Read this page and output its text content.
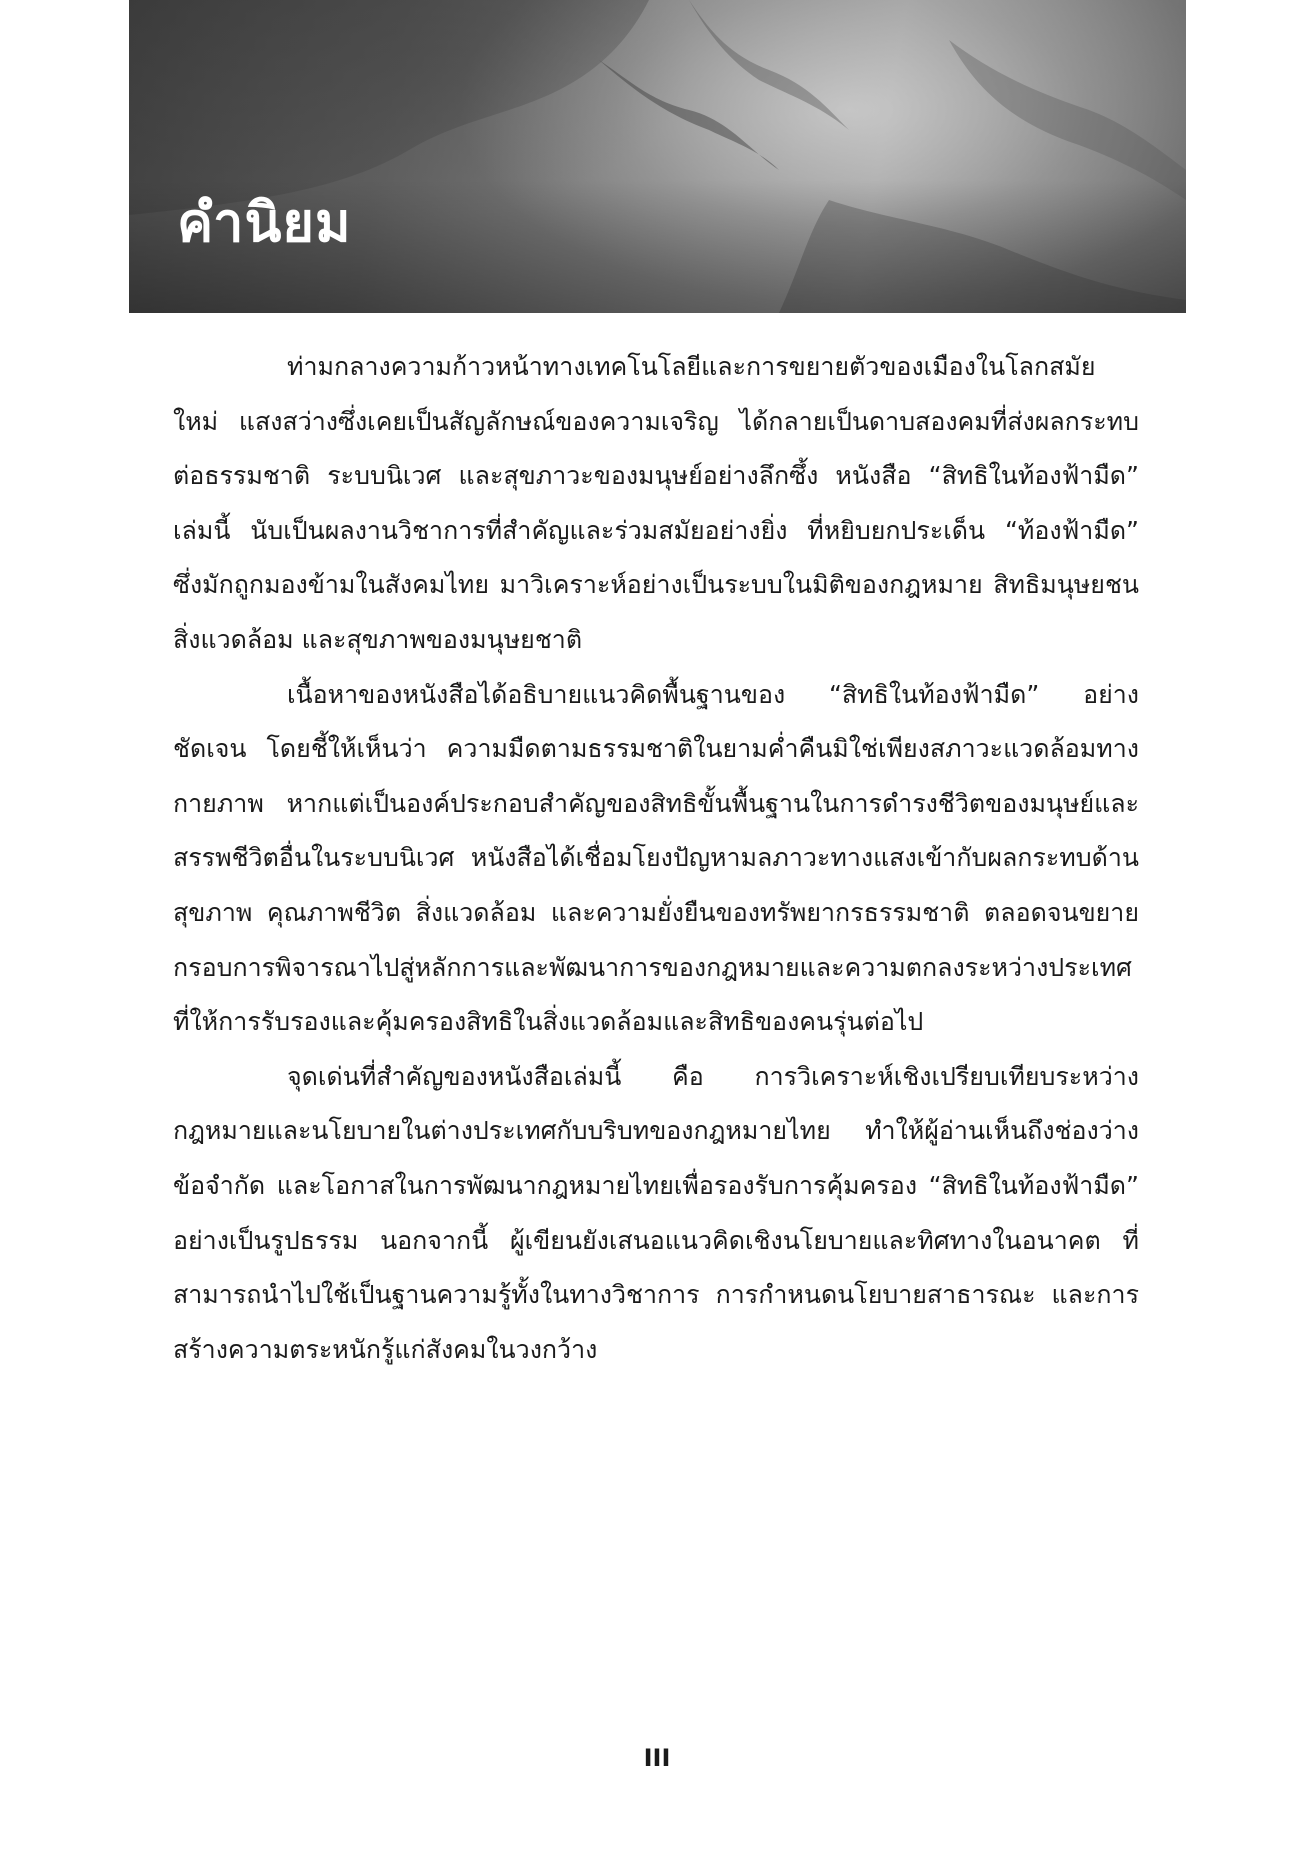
คำนิยม

ท่ามกลางความก้าวหน้าทางเทคโนโลยีและการขยายตัวของเมืองในโลกสมัยใหม่ แสงสว่างซึ่งเคยเป็นสัญลักษณ์ของความเจริญ ได้กลายเป็นดาบสองคมที่ส่งผลกระทบต่อธรรมชาติ ระบบนิเวศ และสุขภาวะของมนุษย์อย่างลึกซึ้ง หนังสือ “สิทธิในท้องฟ้ามืด” เล่มนี้ นับเป็นผลงานวิชาการที่สำคัญและร่วมสมัยอย่างยิ่ง ที่หยิบยกประเด็น “ท้องฟ้ามืด” ซึ่งมักถูกมองข้ามในสังคมไทย มาวิเคราะห์อย่างเป็นระบบในมิติของกฎหมาย สิทธิมนุษยชน สิ่งแวดล้อม และสุขภาพของมนุษยชาติ

เนื้อหาของหนังสือได้อธิบายแนวคิดพื้นฐานของ “สิทธิในท้องฟ้ามืด” อย่างชัดเจน โดยชี้ให้เห็นว่า ความมืดตามธรรมชาติในยามค่ำคืนมิใช่เพียงสภาวะแวดล้อมทางกายภาพ หากแต่เป็นองค์ประกอบสำคัญของสิทธิขั้นพื้นฐานในการดำรงชีวิตของมนุษย์และสรรพชีวิตอื่นในระบบนิเวศ หนังสือได้เชื่อมโยงปัญหามลภาวะทางแสงเข้ากับผลกระทบด้านสุขภาพ คุณภาพชีวิต สิ่งแวดล้อม และความยั่งยืนของทรัพยากรธรรมชาติ ตลอดจนขยายกรอบการพิจารณาไปสู่หลักการและพัฒนาการของกฎหมายและความตกลงระหว่างประเทศที่ให้การรับรองและคุ้มครองสิทธิในสิ่งแวดล้อมและสิทธิของคนรุ่นต่อไป

จุดเด่นที่สำคัญของหนังสือเล่มนี้ คือ การวิเคราะห์เชิงเปรียบเทียบระหว่างกฎหมายและนโยบายในต่างประเทศกับบริบทของกฎหมายไทย ทำให้ผู้อ่านเห็นถึงช่องว่าง ข้อจำกัด และโอกาสในการพัฒนากฎหมายไทยเพื่อรองรับการคุ้มครอง “สิทธิในท้องฟ้ามืด” อย่างเป็นรูปธรรม นอกจากนี้ ผู้เขียนยังเสนอแนวคิดเชิงนโยบายและทิศทางในอนาคต ที่สามารถนำไปใช้เป็นฐานความรู้ทั้งในทางวิชาการ การกำหนดนโยบายสาธารณะ และการสร้างความตระหนักรู้แก่สังคมในวงกว้าง

III
